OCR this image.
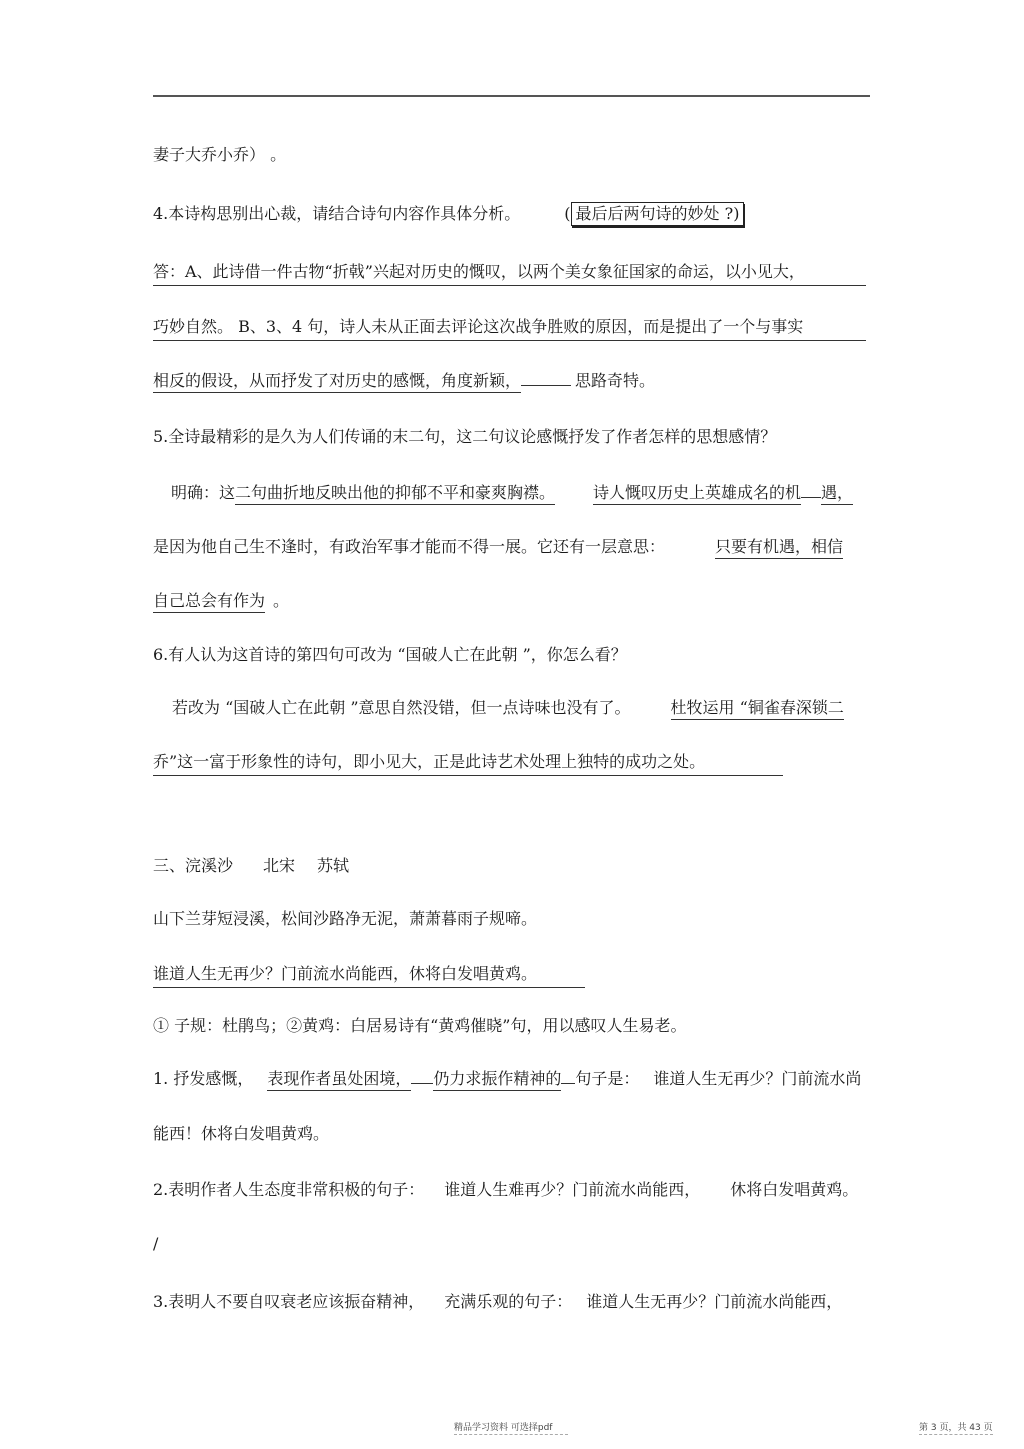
妻子大乔小乔） 。
4.本诗构思别出心裁，请结合诗句内容作具体分析。	( 最后后两句诗的妙处 ?)
答：A、此诗借一件古物“折戟”兴起对历史的慨叹，以两个美女象征国家的命运，以小见大，
巧妙自然。 B、3、4 句，诗人未从正面去评论这次战争胜败的原因，而是提出了一个与事实
相反的假设，从而抒发了对历史的感慨，角度新颖，	思路奇特。
5.全诗最精彩的是久为人们传诵的末二句，这二句议论感慨抒发了作者怎样的思想感情？
明确：这二句曲折地反映出他的抑郁不平和豪爽胸襟。 诗人慨叹历史上英雄成名的机 遇，
是因为他自己生不逢时，有政治军事才能而不得一展。它还有一层意思：	只要有机遇，相信
自己总会有作为 。
6.有人认为这首诗的第四句可改为 “国破人亡在此朝 ”，你怎么看？
若改为 “国破人亡在此朝 ”意思自然没错，但一点诗味也没有了。	杜牧运用 “铜雀春深锁二
乔”这一富于形象性的诗句，即小见大，正是此诗艺术处理上独特的成功之处。
三、浣溪沙 北宋 苏轼
山下兰芽短浸溪，松间沙路净无泥，萧萧暮雨子规啼。
谁道人生无再少？门前流水尚能西，休将白发唱黄鸡。
① 子规：杜鹃鸟；②黄鸡：白居易诗有“黄鸡催晓”句，用以感叹人生易老。
1. 抒发感慨， 表现作者虽处困境， 仍力求振作精神的 句子是： 谁道人生无再少？门前流水尚
能西！休将白发唱黄鸡。
2.表明作者人生态度非常积极的句子： 谁道人生难再少？门前流水尚能西， 休将白发唱黄鸡。
/
3.表明人不要自叹衰老应该振奋精神， 充满乐观的句子： 谁道人生无再少？门前流水尚能西，
精品学习资料 可选择pdf	第 3 页，共 43 页
